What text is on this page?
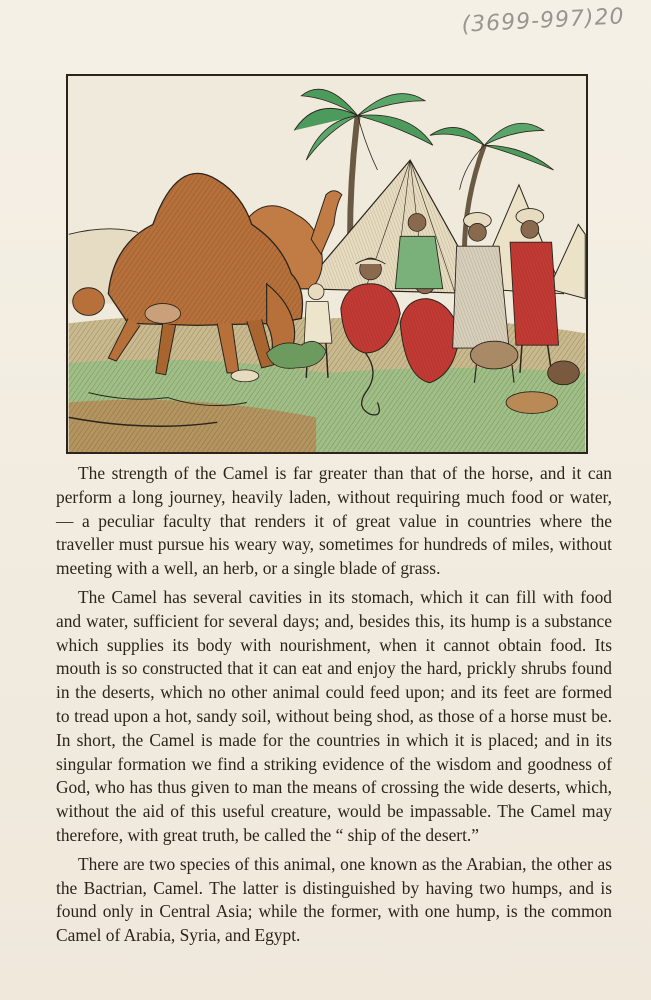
(3699-997)20

The strength of the Camel is far greater than that of the horse, and it can perform a long journey, heavily laden, without requiring much food or water, — a peculiar faculty that renders it of great value in countries where the traveller must pursue his weary way, sometimes for hundreds of miles, without meeting with a well, an herb, or a single blade of grass.

The Camel has several cavities in its stomach, which it can fill with food and water, sufficient for several days; and, besides this, its hump is a substance which supplies its body with nourishment, when it cannot obtain food. Its mouth is so constructed that it can eat and enjoy the hard, prickly shrubs found in the deserts, which no other animal could feed upon; and its feet are formed to tread upon a hot, sandy soil, without being shod, as those of a horse must be. In short, the Camel is made for the countries in which it is placed; and in its singular formation we find a striking evidence of the wisdom and goodness of God, who has thus given to man the means of crossing the wide deserts, which, without the aid of this useful creature, would be impassable. The Camel may therefore, with great truth, be called the “ ship of the desert.”

There are two species of this animal, one known as the Arabian, the other as the Bactrian, Camel. The latter is distinguished by having two humps, and is found only in Central Asia; while the former, with one hump, is the common Camel of Arabia, Syria, and Egypt.
